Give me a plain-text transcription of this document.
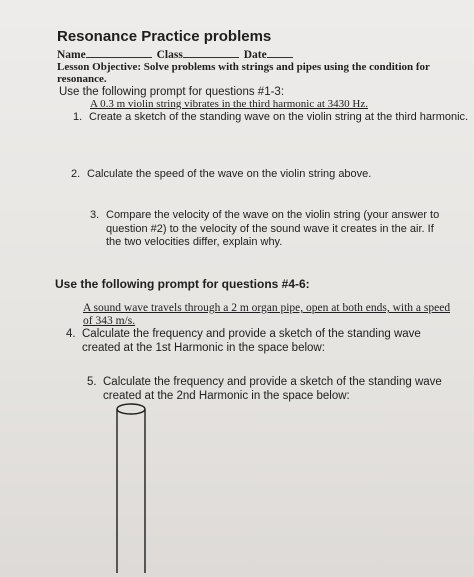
Resonance Practice problems
Name	Class	Date
Lesson Objective: Solve problems with strings and pipes using the condition for resonance.
Use the following prompt for questions #1-3:
A 0.3 m violin string vibrates in the third harmonic at 3430 Hz.
1. Create a sketch of the standing wave on the violin string at the third harmonic.
2. Calculate the speed of the wave on the violin string above.
3. Compare the velocity of the wave on the violin string (your answer to question #2) to the velocity of the sound wave it creates in the air. If the two velocities differ, explain why.
Use the following prompt for questions #4-6:
A sound wave travels through a 2 m organ pipe, open at both ends, with a speed of 343 m/s.
4. Calculate the frequency and provide a sketch of the standing wave created at the 1st Harmonic in the space below:
5. Calculate the frequency and provide a sketch of the standing wave created at the 2nd Harmonic in the space below:
